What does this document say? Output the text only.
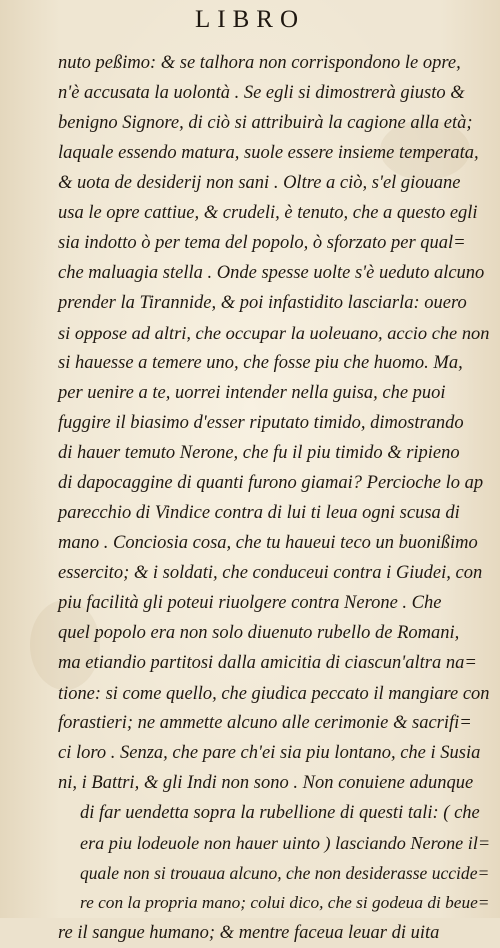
LIBRO
nuto peßimo: & se talhora non corrispondono le opre,
n'è accusata la uolontà . Se egli si dimostrerà giusto &
benigno Signore, di ciò si attribuirà la cagione alla età;
laquale essendo matura, suole essere insieme temperata,
& uota de desiderij non sani . Oltre a ciò, s'el giouane
usa le opre cattiue, & crudeli, è tenuto, che a questo egli
sia indotto ò per tema del popolo, ò sforzato per qual=
che maluagia stella . Onde spesse uolte s'è ueduto alcuno
prender la Tirannide, & poi infastidito lasciarla: ouero
si oppose ad altri, che occupar la uoleuano, accio che non
si hauesse a temere uno, che fosse piu che huomo. Ma,
per uenire a te, uorrei intender nella guisa, che puoi
fuggire il biasimo d'esser riputato timido, dimostrando
di hauer temuto Nerone, che fu il piu timido & ripieno
di dapocaggine di quanti furono giamai? Percioche lo ap
parecchio di Vindice contra di lui ti leua ogni scusa di
mano . Conciosia cosa, che tu haueui teco un buonißimo
essercito; & i soldati, che conduceui contra i Giudei, con
piu facilità gli poteui riuolgere contra Nerone . Che
quel popolo era non solo diuenuto rubello de Romani,
ma etiandio partitosi dalla amicitia di ciascun'altra na=
tione: si come quello, che giudica peccato il mangiare con
forastieri; ne ammette alcuno alle cerimonie & sacrifi=
ci loro . Senza, che pare ch'ei sia piu lontano, che i Susia
ni, i Battri, & gli Indi non sono . Non conuiene adunque
di far uendetta sopra la rubellione di questi tali: ( che
era piu lodeuole non hauer uinto ) lasciando Nerone il=
quale non si trouaua alcuno, che non desiderasse uccide=
re con la propria mano; colui dico, che si godeua di beue=
re il sangue humano; & mentre faceua leuar di uita
